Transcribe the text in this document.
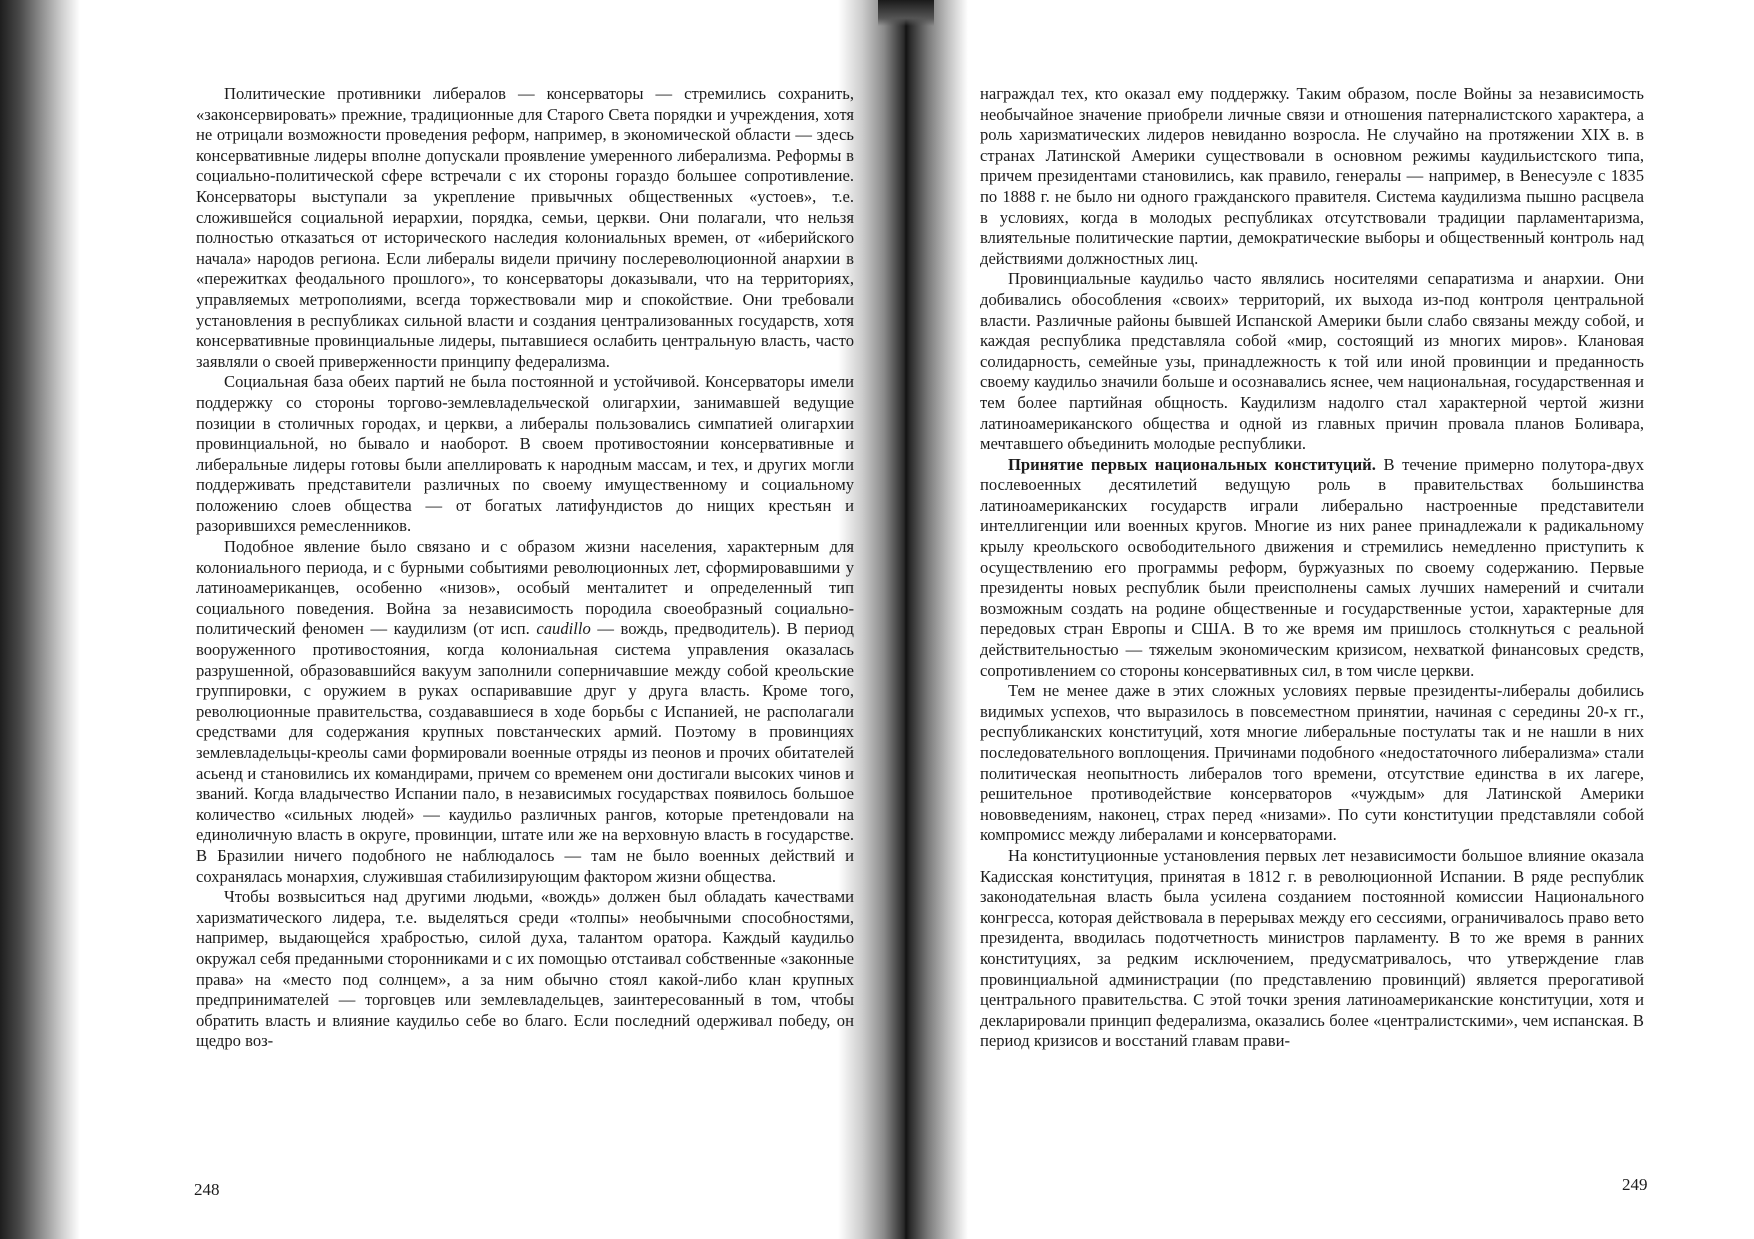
Политические противники либералов — консерваторы — стремились сохранить, «законсервировать» прежние, традиционные для Старого Света порядки и учреждения, хотя не отрицали возможности проведения реформ, например, в экономической области — здесь консервативные лидеры вполне допускали проявление умеренного либерализма. Реформы в социально-политической сфере встречали с их стороны гораздо большее сопротивление. Консерваторы выступали за укрепление привычных общественных «устоев», т.е. сложившейся социальной иерархии, порядка, семьи, церкви. Они полагали, что нельзя полностью отказаться от исторического наследия колониальных времен, от «иберийского начала» народов региона. Если либералы видели причину послереволюционной анархии в «пережитках феодального прошлого», то консерваторы доказывали, что на территориях, управляемых метрополиями, всегда торжествовали мир и спокойствие. Они требовали установления в республиках сильной власти и создания централизованных государств, хотя консервативные провинциальные лидеры, пытавшиеся ослабить центральную власть, часто заявляли о своей приверженности принципу федерализма.

Социальная база обеих партий не была постоянной и устойчивой. Консерваторы имели поддержку со стороны торгово-землевладельческой олигархии, занимавшей ведущие позиции в столичных городах, и церкви, а либералы пользовались симпатией олигархии провинциальной, но бывало и наоборот. В своем противостоянии консервативные и либеральные лидеры готовы были апеллировать к народным массам, и тех, и других могли поддерживать представители различных по своему имущественному и социальному положению слоев общества — от богатых латифундистов до нищих крестьян и разорившихся ремесленников.

Подобное явление было связано и с образом жизни населения, характерным для колониального периода, и с бурными событиями революционных лет, сформировавшими у латиноамериканцев, особенно «низов», особый менталитет и определенный тип социального поведения. Война за независимость породила своеобразный социально-политический феномен — каудилизм (от исп. caudillo — вождь, предводитель). В период вооруженного противостояния, когда колониальная система управления оказалась разрушенной, образовавшийся вакуум заполнили соперничавшие между собой креольские группировки, с оружием в руках оспаривавшие друг у друга власть. Кроме того, революционные правительства, создававшиеся в ходе борьбы с Испанией, не располагали средствами для содержания крупных повстанческих армий. Поэтому в провинциях землевладельцы-креолы сами формировали военные отряды из пеонов и прочих обитателей асьенд и становились их командирами, причем со временем они достигали высоких чинов и званий. Когда владычество Испании пало, в независимых государствах появилось большое количество «сильных людей» — каудильо различных рангов, которые претендовали на единоличную власть в округе, провинции, штате или же на верховную власть в государстве. В Бразилии ничего подобного не наблюдалось — там не было военных действий и сохранялась монархия, служившая стабилизирующим фактором жизни общества.

Чтобы возвыситься над другими людьми, «вождь» должен был обладать качествами харизматического лидера, т.е. выделяться среди «толпы» необычными способностями, например, выдающейся храбростью, силой духа, талантом оратора. Каждый каудильо окружал себя преданными сторонниками и с их помощью отстаивал собственные «законные права» на «место под солнцем», а за ним обычно стоял какой-либо клан крупных предпринимателей — торговцев или землевладельцев, заинтересованный в том, чтобы обратить власть и влияние каудильо себе во благо. Если последний одерживал победу, он щедро воз-

248

награждал тех, кто оказал ему поддержку. Таким образом, после Войны за независимость необычайное значение приобрели личные связи и отношения патерналистского характера, а роль харизматических лидеров невиданно возросла. Не случайно на протяжении XIX в. в странах Латинской Америки существовали в основном режимы каудильистского типа, причем президентами становились, как правило, генералы — например, в Венесуэле с 1835 по 1888 г. не было ни одного гражданского правителя. Система каудилизма пышно расцвела в условиях, когда в молодых республиках отсутствовали традиции парламентаризма, влиятельные политические партии, демократические выборы и общественный контроль над действиями должностных лиц.

Провинциальные каудильо часто являлись носителями сепаратизма и анархии. Они добивались обособления «своих» территорий, их выхода из-под контроля центральной власти. Различные районы бывшей Испанской Америки были слабо связаны между собой, и каждая республика представляла собой «мир, состоящий из многих миров». Клановая солидарность, семейные узы, принадлежность к той или иной провинции и преданность своему каудильо значили больше и осознавались яснее, чем национальная, государственная и тем более партийная общность. Каудилизм надолго стал характерной чертой жизни латиноамериканского общества и одной из главных причин провала планов Боливара, мечтавшего объединить молодые республики.

Принятие первых национальных конституций. В течение примерно полутора-двух послевоенных десятилетий ведущую роль в правительствах большинства латиноамериканских государств играли либерально настроенные представители интеллигенции или военных кругов. Многие из них ранее принадлежали к радикальному крылу креольского освободительного движения и стремились немедленно приступить к осуществлению его программы реформ, буржуазных по своему содержанию. Первые президенты новых республик были преисполнены самых лучших намерений и считали возможным создать на родине общественные и государственные устои, характерные для передовых стран Европы и США. В то же время им пришлось столкнуться с реальной действительностью — тяжелым экономическим кризисом, нехваткой финансовых средств, сопротивлением со стороны консервативных сил, в том числе церкви.

Тем не менее даже в этих сложных условиях первые президенты-либералы добились видимых успехов, что выразилось в повсеместном принятии, начиная с середины 20-х гг., республиканских конституций, хотя многие либеральные постулаты так и не нашли в них последовательного воплощения. Причинами подобного «недостаточного либерализма» стали политическая неопытность либералов того времени, отсутствие единства в их лагере, решительное противодействие консерваторов «чуждым» для Латинской Америки нововведениям, наконец, страх перед «низами». По сути конституции представляли собой компромисс между либералами и консерваторами.

На конституционные установления первых лет независимости большое влияние оказала Кадисская конституция, принятая в 1812 г. в революционной Испании. В ряде республик законодательная власть была усилена созданием постоянной комиссии Национального конгресса, которая действовала в перерывах между его сессиями, ограничивалось право вето президента, вводилась подотчетность министров парламенту. В то же время в ранних конституциях, за редким исключением, предусматривалось, что утверждение глав провинциальной администрации (по представлению провинций) является прерогативой центрального правительства. С этой точки зрения латиноамериканские конституции, хотя и декларировали принцип федерализма, оказались более «централистскими», чем испанская. В период кризисов и восстаний главам прави-

249
